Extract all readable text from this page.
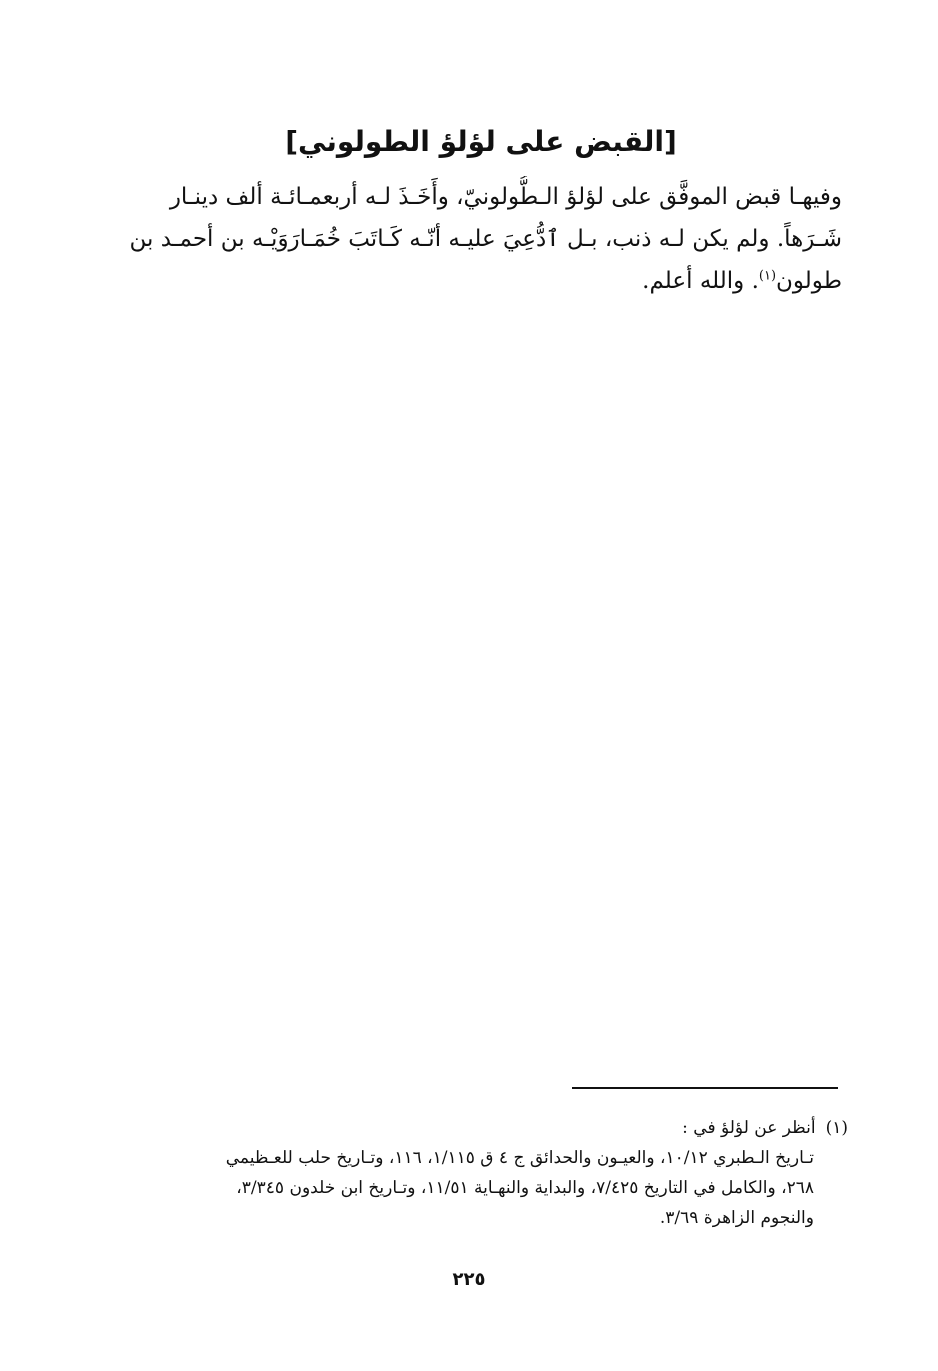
[القبض على لؤلؤ الطولوني]
وفيهـا قبض الموفَّق على لؤلؤ الـطُّولونيّ، وأَخَـذَ لـه أربعمـائـة ألف دينـار
شَـرَهاً. ولم يكن لـه ذنب، بـل ٱدُّعِيَ عليـه أنّـه كَـاتَبَ خُمَـارَوَيْـه بن أحمـد بن
طولون$^{(١)}$. والله أعلم.
(١)أنظر عن لؤلؤ في :
تـاريخ الـطبري ١٠/١٢، والعيـون والحدائق ج ٤ ق ١/١١٥، ١١٦، وتـاريخ حلب للعـظيمي
٢٦٨، والكامل في التاريخ ٧/٤٢٥، والبداية والنهـاية ١١/٥١، وتـاريخ ابن خلدون ٣/٣٤٥،
والنجوم الزاهرة ٣/٦٩.
٢٢٥
